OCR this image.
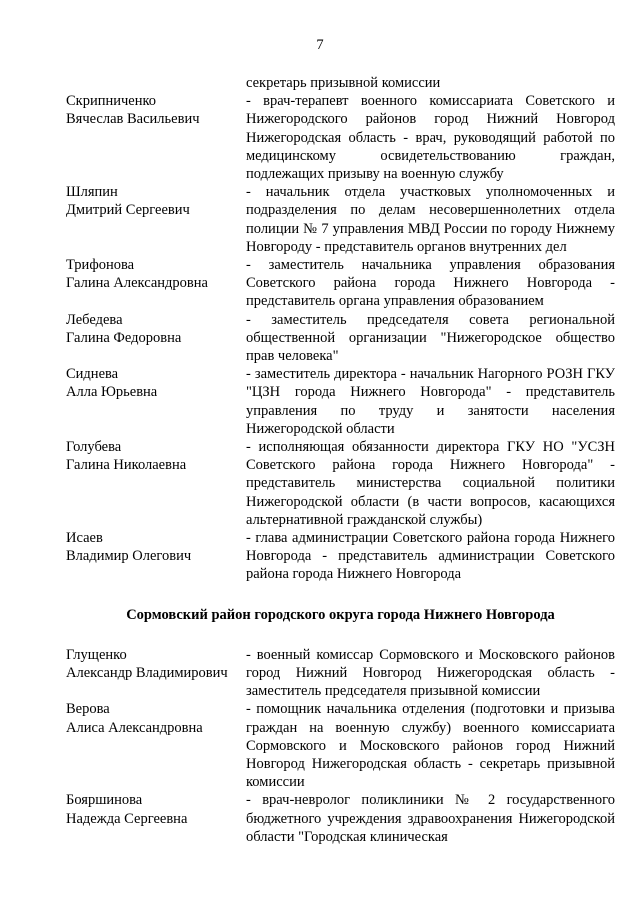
7
секретарь призывной комиссии
Скрипниченко
Вячеслав Васильевич
- врач-терапевт военного комиссариата Советского и Нижегородского районов город Нижний Новгород Нижегородская область - врач, руководящий работой по медицинскому освидетельствованию граждан, подлежащих призыву на военную службу
Шляпин
Дмитрий Сергеевич
- начальник отдела участковых уполномоченных и подразделения по делам несовершеннолетних отдела полиции № 7 управления МВД России по городу Нижнему Новгороду - представитель органов внутренних дел
Трифонова
Галина Александровна
- заместитель начальника управления образования Советского района города Нижнего Новгорода - представитель органа управления образованием
Лебедева
Галина Федоровна
- заместитель председателя совета региональной общественной организации "Нижегородское общество прав человека"
Сиднева
Алла Юрьевна
- заместитель директора - начальник Нагорного РОЗН ГКУ "ЦЗН города Нижнего Новгорода" - представитель управления по труду и занятости населения Нижегородской области
Голубева
Галина Николаевна
- исполняющая обязанности директора ГКУ НО "УСЗН Советского района города Нижнего Новгорода" - представитель министерства социальной политики Нижегородской области (в части вопросов, касающихся альтернативной гражданской службы)
Исаев
Владимир Олегович
- глава администрации Советского района города Нижнего Новгорода - представитель администрации Советского района города Нижнего Новгорода
Сормовский район городского округа города Нижнего Новгорода
Глущенко
Александр Владимирович
- военный комиссар Сормовского и Московского районов город Нижний Новгород Нижегородская область - заместитель председателя призывной комиссии
Верова
Алиса Александровна
- помощник начальника отделения (подготовки и призыва граждан на военную службу) военного комиссариата Сормовского и Московского районов город Нижний Новгород Нижегородская область - секретарь призывной комиссии
Бояршинова
Надежда Сергеевна
- врач-невролог поликлиники № 2 государственного бюджетного учреждения здравоохранения Нижегородской области "Городская клиническая
